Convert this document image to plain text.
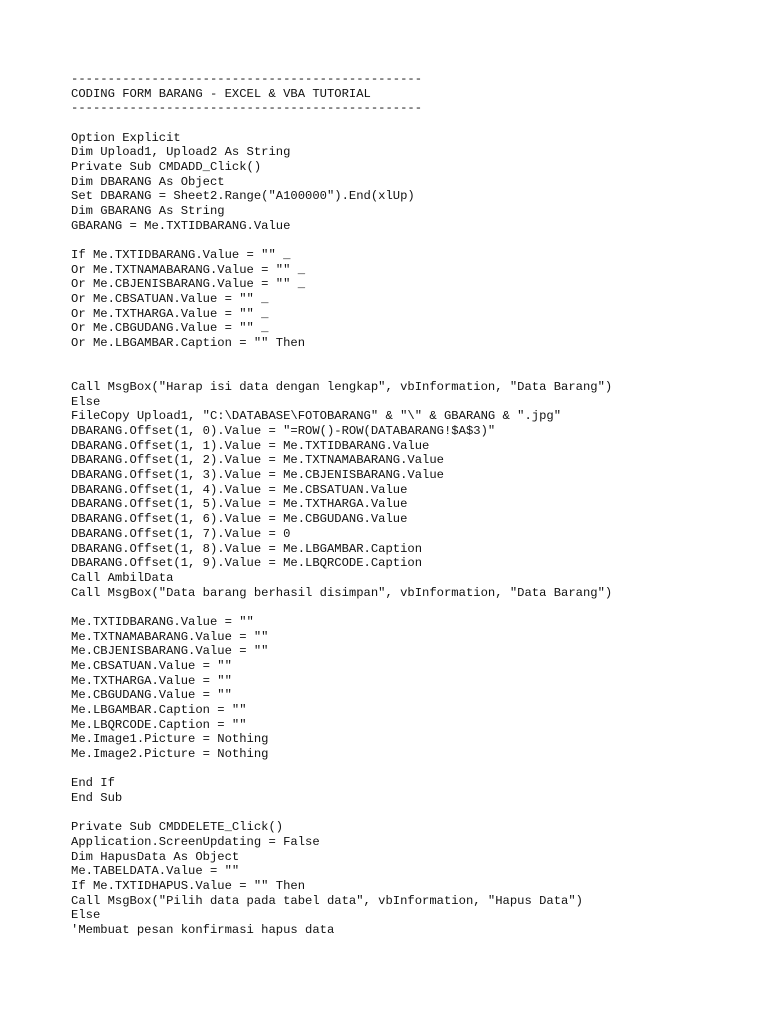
------------------------------------------------
CODING FORM BARANG - EXCEL & VBA TUTORIAL
------------------------------------------------
Option Explicit
Dim Upload1, Upload2 As String
Private Sub CMDADD_Click()
Dim DBARANG As Object
Set DBARANG = Sheet2.Range("A100000").End(xlUp)
Dim GBARANG As String
GBARANG = Me.TXTIDBARANG.Value
If Me.TXTIDBARANG.Value = "" _
Or Me.TXTNAMABARANG.Value = "" _
Or Me.CBJENISBARANG.Value = "" _
Or Me.CBSATUAN.Value = "" _
Or Me.TXTHARGA.Value = "" _
Or Me.CBGUDANG.Value = "" _
Or Me.LBGAMBAR.Caption = "" Then
Call MsgBox("Harap isi data dengan lengkap", vbInformation, "Data Barang")
Else
FileCopy Upload1, "C:\DATABASE\FOTOBARANG" & "\" & GBARANG & ".jpg"
DBARANG.Offset(1, 0).Value = "=ROW()-ROW(DATABARANG!$A$3)"
DBARANG.Offset(1, 1).Value = Me.TXTIDBARANG.Value
DBARANG.Offset(1, 2).Value = Me.TXTNAMABARANG.Value
DBARANG.Offset(1, 3).Value = Me.CBJENISBARANG.Value
DBARANG.Offset(1, 4).Value = Me.CBSATUAN.Value
DBARANG.Offset(1, 5).Value = Me.TXTHARGA.Value
DBARANG.Offset(1, 6).Value = Me.CBGUDANG.Value
DBARANG.Offset(1, 7).Value = 0
DBARANG.Offset(1, 8).Value = Me.LBGAMBAR.Caption
DBARANG.Offset(1, 9).Value = Me.LBQRCODE.Caption
Call AmbilData
Call MsgBox("Data barang berhasil disimpan", vbInformation, "Data Barang")
Me.TXTIDBARANG.Value = ""
Me.TXTNAMABARANG.Value = ""
Me.CBJENISBARANG.Value = ""
Me.CBSATUAN.Value = ""
Me.TXTHARGA.Value = ""
Me.CBGUDANG.Value = ""
Me.LBGAMBAR.Caption = ""
Me.LBQRCODE.Caption = ""
Me.Image1.Picture = Nothing
Me.Image2.Picture = Nothing
End If
End Sub
Private Sub CMDDELETE_Click()
Application.ScreenUpdating = False
Dim HapusData As Object
Me.TABELDATA.Value = ""
If Me.TXTIDHAPUS.Value = "" Then
Call MsgBox("Pilih data pada tabel data", vbInformation, "Hapus Data")
Else
'Membuat pesan konfirmasi hapus data
